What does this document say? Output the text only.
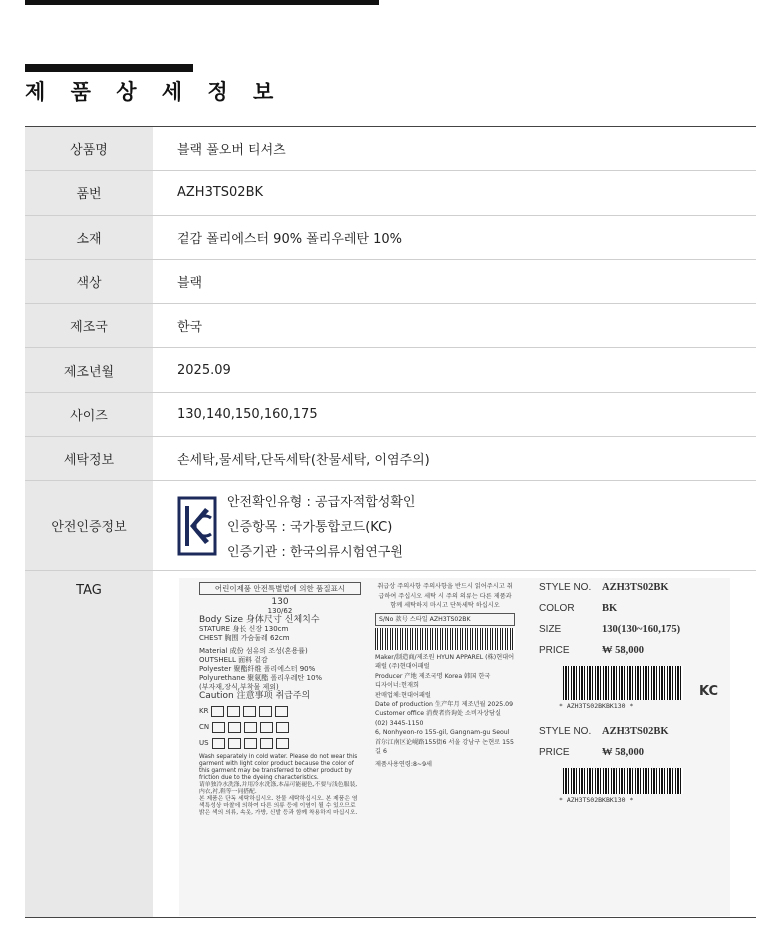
제 품 상 세 정 보
상품명	블랙 풀오버 티셔츠
품번	AZH3TS02BK
소재	겉감 폴리에스터 90% 폴리우레탄 10%
색상	블랙
제조국	한국
제조년월	2025.09
사이즈	130,140,150,160,175
세탁정보	손세탁,물세탁,단독세탁(찬물세탁, 이염주의)
안전인증정보
안전확인유형 : 공급자적합성확인
인증항목 : 국가통합코드(KC)
인증기관 : 한국의류시험연구원
TAG	어린이제품 안전특별법에 의한 품질표시
130
130/62
Body Size 身体尺寸 신체치수
STATURE 身长 신장 130cm
CHEST 胸围 가슴둘레 62cm
Material 成份 섬유의 조성(혼용률)
OUTSHELL 面料 겉감
Polyester 聚酯纤维 폴리에스터 90%
Polyurethane 聚氨酯 폴리우레탄 10%
(부자재,장식,부착물 제외)
Caution 注意事项 취급주의
KR
CN
US
Wash separately in cold water. Please do not wear this garment with light color product because the color of this garment may be transferred to other product by friction due to the dyeing characteristics.
请单独冷水洗涤,并用冷水洗涤,本品可能褪色,不要与浅色服装,内衣,衬,鞋等一同搭配.
본 제품은 단독 세탁하십시오. 찬물 세탁하십시오. 본 제품은 염색특성상 마찰에 의하여 다른 의류 등에 이염이 될 수 있으므로 밝은 색의 의류, 속옷, 가방, 신발 등과 함께 착용하지 마십시오.
취급상 주의사항 주의사항을 반드시 읽어주시고 취급하여 주십시오 세탁 시 주의 의류는 다른 제품과 함께 세탁하지 마시고 단독세탁 하십시오
S/No 款号 스타일 AZH3TS02BK
Maker/制造商/제조원 HYUN APPAREL (株)현대어패럴 (주)현대어패럴
Producer 产地 제조국명 Korea 韩国 한국
디자이너:헌재희
판매업체:현대어패럴
Date of production 生产年月 제조년월 2025.09
Customer office 消费者咨询处 소비자상담실 (02) 3445-1150
6, Nonhyeon-ro 155-gil, Gangnam-gu Seoul 首尔江南区论岘路155街6 서울 강남구 논현로 155길 6
제품사용연령:8~9세
STYLE NO.	AZH3TS02BK
COLOR	BK
SIZE	130(130~160,175)
PRICE	₩ 58,000
KC
* AZH3TS02BKBK130 *
STYLE NO.	AZH3TS02BK
PRICE	₩ 58,000
* AZH3TS02BKBK130 *
